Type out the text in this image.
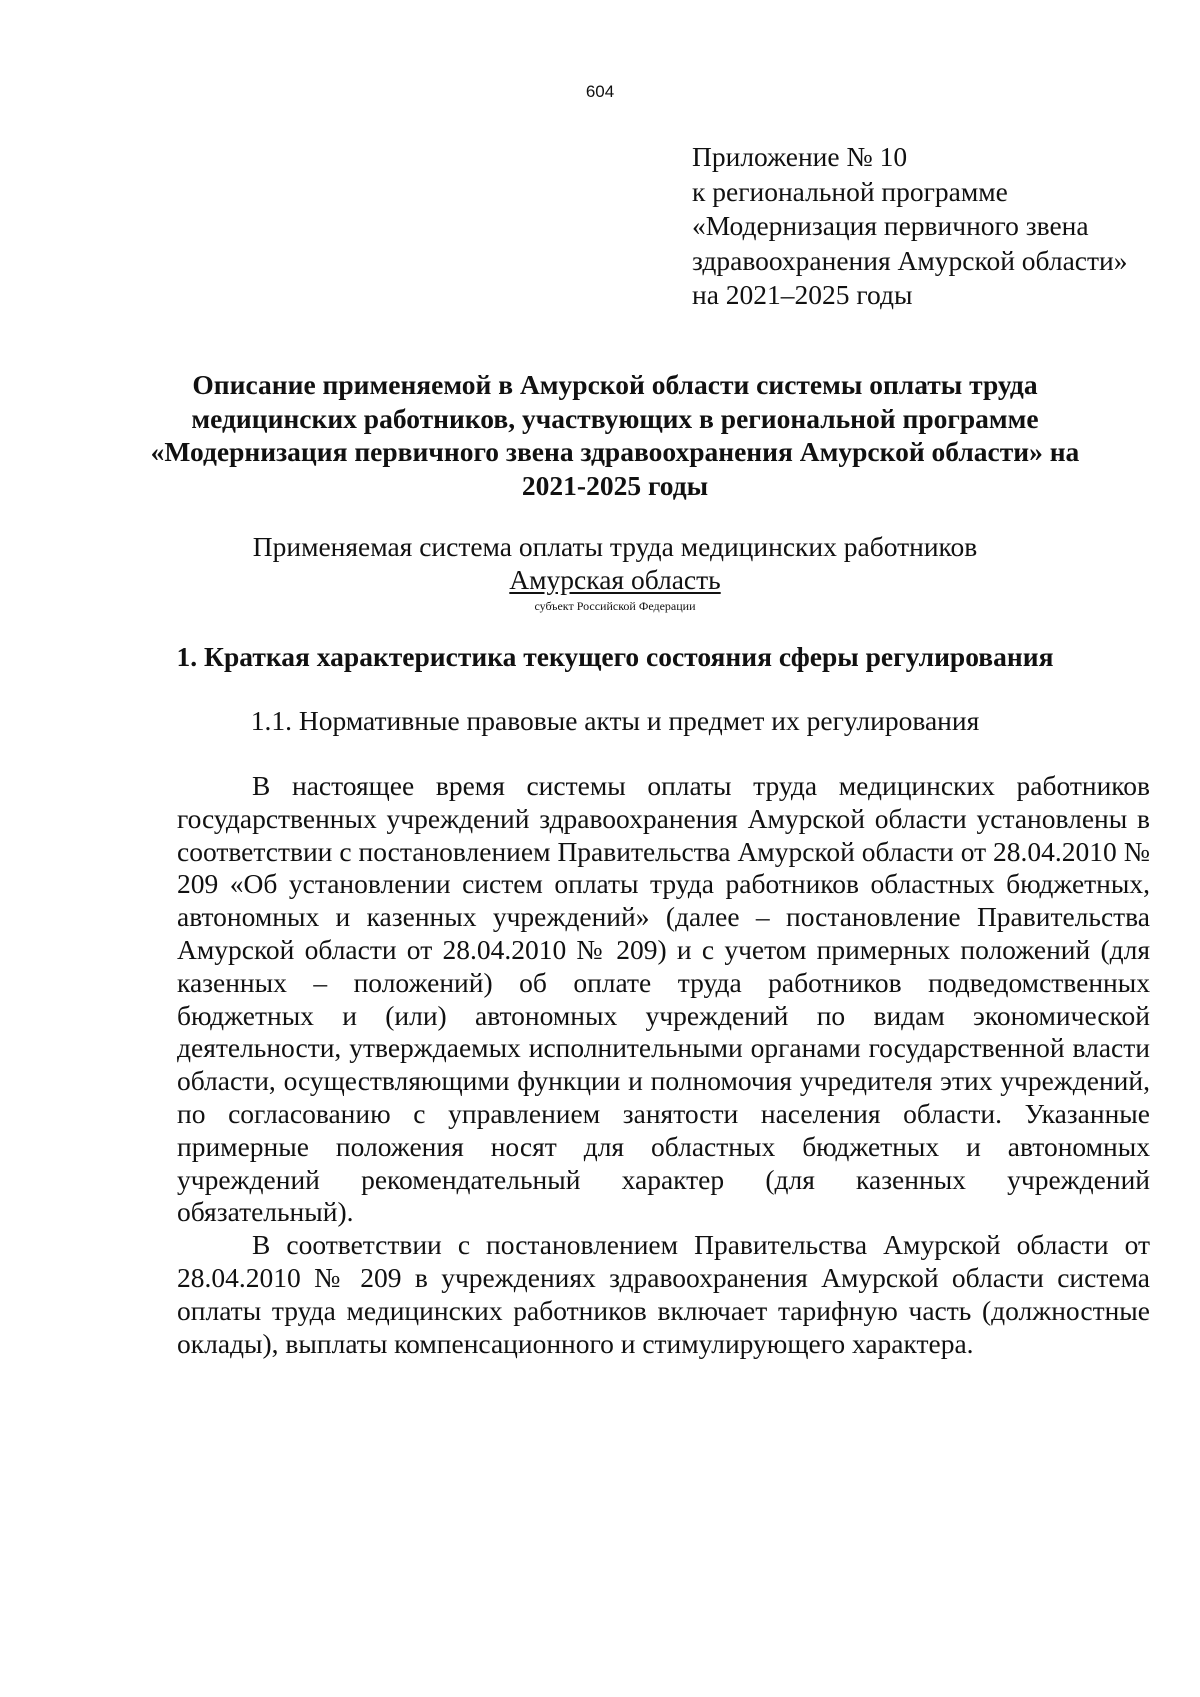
604
Приложение № 10
к региональной программе
«Модернизация первичного звена
здравоохранения Амурской области»
на 2021–2025 годы
Описание применяемой в Амурской области системы оплаты труда
медицинских работников, участвующих в региональной программе
«Модернизация первичного звена здравоохранения Амурской области» на
2021-2025 годы
Применяемая система оплаты труда медицинских работников
Амурская область
субъект Российской Федерации
1. Краткая характеристика текущего состояния сферы регулирования
1.1. Нормативные правовые акты и предмет их регулирования

В настоящее время системы оплаты труда медицинских работников государственных учреждений здравоохранения Амурской области установлены в соответствии с постановлением Правительства Амурской области от 28.04.2010 № 209 «Об установлении систем оплаты труда работников областных бюджетных, автономных и казенных учреждений» (далее – постановление Правительства Амурской области от 28.04.2010 № 209) и с учетом примерных положений (для казенных – положений) об оплате труда работников подведомственных бюджетных и (или) автономных учреждений по видам экономической деятельности, утверждаемых исполнительными органами государственной власти области, осуществляющими функции и полномочия учредителя этих учреждений, по согласованию с управлением занятости населения области. Указанные примерные положения носят для областных бюджетных и автономных учреждений рекомендательный характер (для казенных учреждений обязательный).

В соответствии с постановлением Правительства Амурской области от 28.04.2010 № 209 в учреждениях здравоохранения Амурской области система оплаты труда медицинских работников включает тарифную часть (должностные оклады), выплаты компенсационного и стимулирующего характера.
